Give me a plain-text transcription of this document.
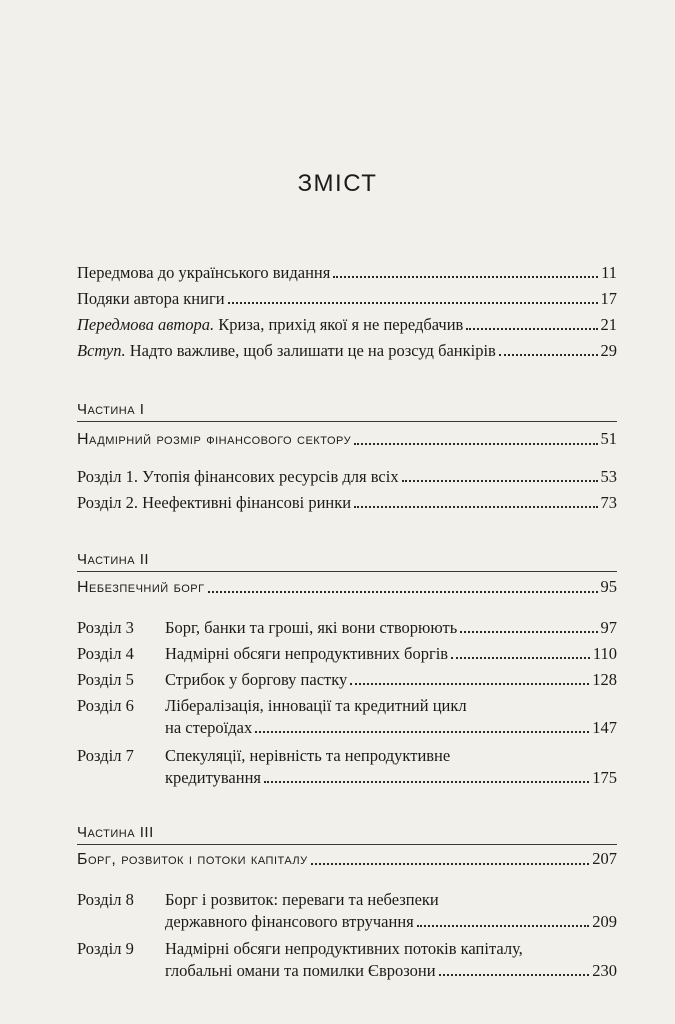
ЗМІСТ
Передмова до українського видання	11
Подяки автора книги	17
Передмова автора. Криза, прихід якої я не передбачив	21
Вступ. Надто важливе, щоб залишати це на розсуд банкірів	29
Частина I
Надмірний розмір фінансового сектору	51
Розділ 1. Утопія фінансових ресурсів для всіх	53
Розділ 2. Неефективні фінансові ринки	73
Частина II
Небезпечний борг	95
Розділ 3 Борг, банки та гроші, які вони створюють	97
Розділ 4 Надмірні обсяги непродуктивних боргів	110
Розділ 5 Стрибок у боргову пастку	128
Розділ 6 Лібералізація, інновації та кредитний цикл
на стероїдах	147
Розділ 7 Спекуляції, нерівність та непродуктивне
кредитування	175
Частина III
Борг, розвиток і потоки капіталу	207
Розділ 8 Борг і розвиток: переваги та небезпеки
державного фінансового втручання	209
Розділ 9 Надмірні обсяги непродуктивних потоків капіталу,
глобальні омани та помилки Єврозони	230
